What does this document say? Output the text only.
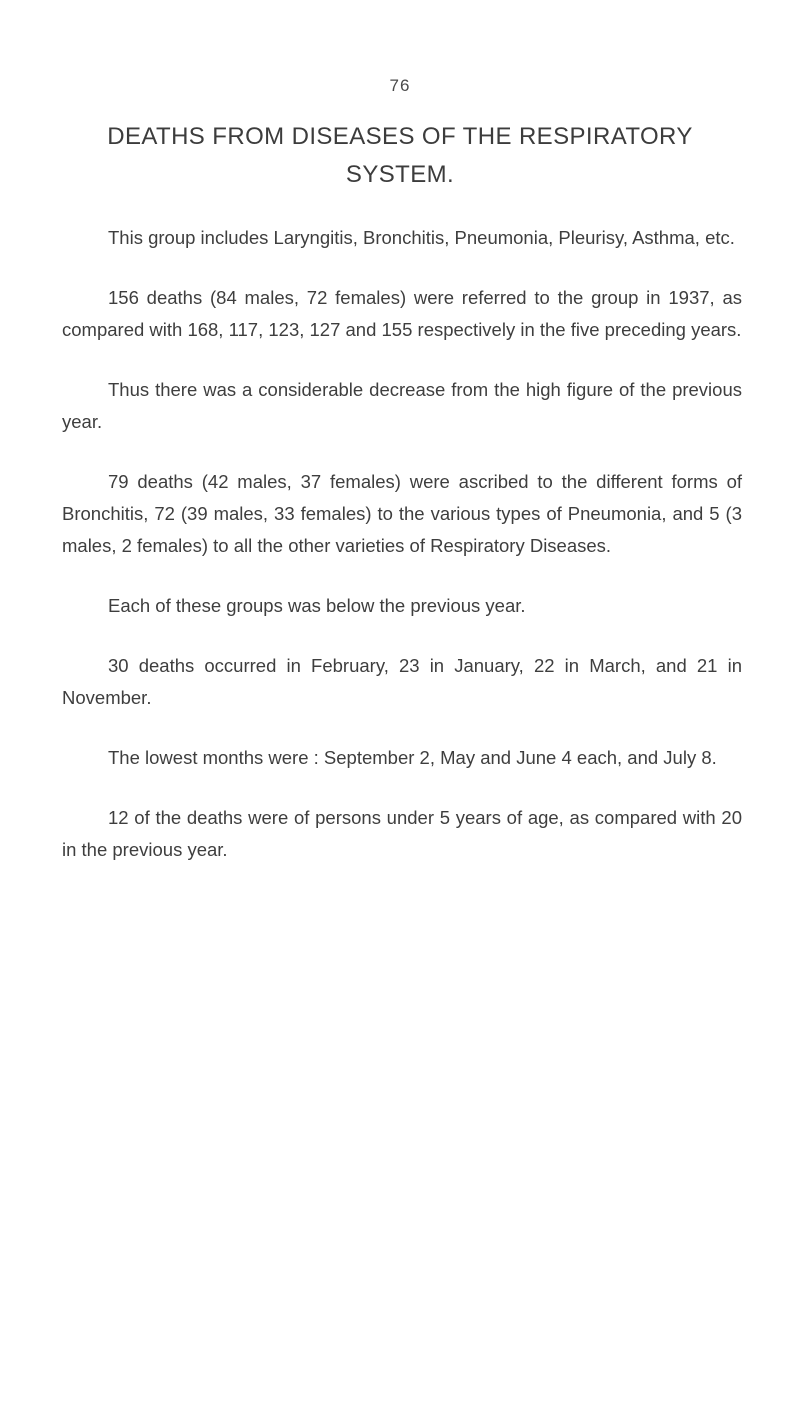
76
DEATHS FROM DISEASES OF THE RESPIRATORY SYSTEM.

This group includes Laryngitis, Bronchitis, Pneumonia, Pleurisy, Asthma, etc.

156 deaths (84 males, 72 females) were referred to the group in 1937, as compared with 168, 117, 123, 127 and 155 respectively in the five preceding years.

Thus there was a considerable decrease from the high figure of the previous year.

79 deaths (42 males, 37 females) were ascribed to the different forms of Bronchitis, 72 (39 males, 33 females) to the various types of Pneumonia, and 5 (3 males, 2 females) to all the other varieties of Respiratory Diseases.

Each of these groups was below the previous year.

30 deaths occurred in February, 23 in January, 22 in March, and 21 in November.

The lowest months were : September 2, May and June 4 each, and July 8.

12 of the deaths were of persons under 5 years of age, as compared with 20 in the previous year.
